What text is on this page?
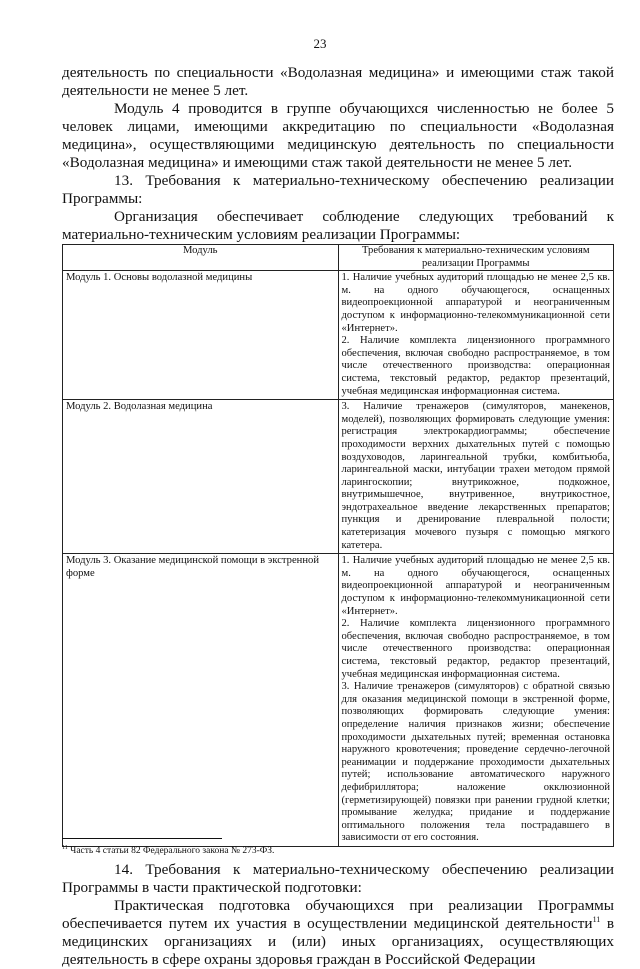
23

деятельность по специальности «Водолазная медицина» и имеющими стаж такой деятельности не менее 5 лет.

Модуль 4 проводится в группе обучающихся численностью не более 5 человек лицами, имеющими аккредитацию по специальности «Водолазная медицина», осуществляющими медицинскую деятельность по специальности «Водолазная медицина» и имеющими стаж такой деятельности не менее 5 лет.

13. Требования к материально-техническому обеспечению реализации Программы:

Организация обеспечивает соблюдение следующих требований к материально-техническим условиям реализации Программы:

Модуль	Требования к материально-техническим условиям реализации Программы
Модуль 1. Основы водолазной медицины	1. Наличие учебных аудиторий площадью не менее 2,5 кв. м. на одного обучающегося, оснащенных видеопроекционной аппаратурой и неограниченным доступом к информационно-телекоммуникационной сети «Интернет».
2. Наличие комплекта лицензионного программного обеспечения, включая свободно распространяемое, в том числе отечественного производства: операционная система, текстовый редактор, редактор презентаций, учебная медицинская информационная система.

Модуль 2. Водолазная медицина	3. Наличие тренажеров (симуляторов, манекенов, моделей), позволяющих формировать следующие умения: регистрация электрокардиограммы; обеспечение проходимости верхних дыхательных путей с помощью воздуховодов, ларингеальной трубки, комбитьюба, ларингеальной маски, интубации трахеи методом прямой ларингоскопии; внутрикожное, подкожное, внутримышечное, внутривенное, внутрикостное, эндотрахеальное введение лекарственных препаратов; пункция и дренирование плевральной полости; катетеризация мочевого пузыря с помощью мягкого катетера.

Модуль 3. Оказание медицинской помощи в экстренной форме	1. Наличие учебных аудиторий площадью не менее 2,5 кв. м. на одного обучающегося, оснащенных видеопроекционной аппаратурой и неограниченным доступом к информационно-телекоммуникационной сети «Интернет».
2. Наличие комплекта лицензионного программного обеспечения, включая свободно распространяемое, в том числе отечественного производства: операционная система, текстовый редактор, редактор презентаций, учебная медицинская информационная система.
3. Наличие тренажеров (симуляторов) с обратной связью для оказания медицинской помощи в экстренной форме, позволяющих формировать следующие умения: определение наличия признаков жизни; обеспечение проходимости дыхательных путей; временная остановка наружного кровотечения; проведение сердечно-легочной реанимации и поддержание проходимости дыхательных путей; использование автоматического наружного дефибриллятора; наложение окклюзионной (герметизирующей) повязки при ранении грудной клетки; промывание желудка; придание и поддержание оптимального положения тела пострадавшего в зависимости от его состояния.

14. Требования к материально-техническому обеспечению реализации Программы в части практической подготовки:

Практическая подготовка обучающихся при реализации Программы обеспечивается путем их участия в осуществлении медицинской деятельности$^{11}$ в медицинских организациях и (или) иных организациях, осуществляющих деятельность в сфере охраны здоровья граждан в Российской Федерации

$^{11}$ Часть 4 статьи 82 Федерального закона № 273-ФЗ.
